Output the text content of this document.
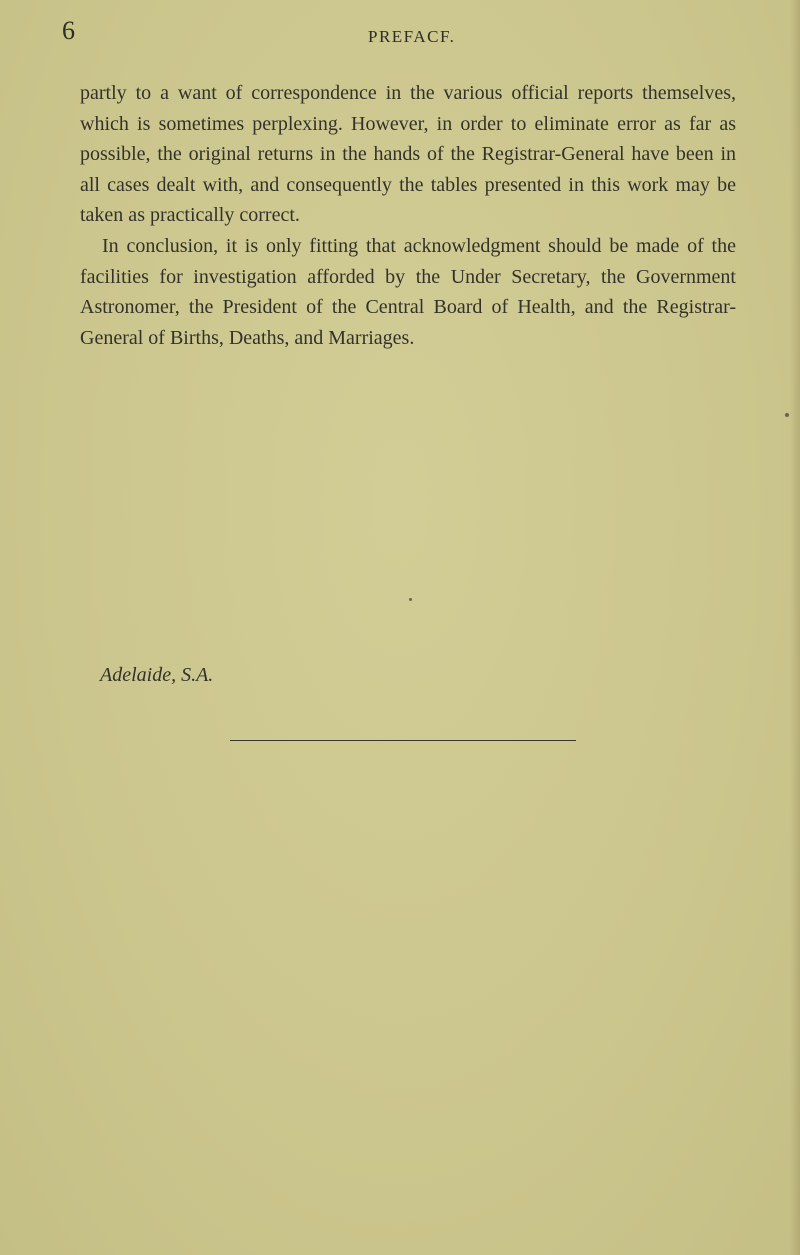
6	PREFACF.

partly to a want of correspondence in the various official reports themselves, which is sometimes perplexing. However, in order to eliminate error as far as possible, the original returns in the hands of the Registrar-General have been in all cases dealt with, and consequently the tables presented in this work may be taken as practically correct.

In conclusion, it is only fitting that acknowledgment should be made of the facilities for investigation afforded by the Under Secretary, the Government Astronomer, the President of the Central Board of Health, and the Registrar-General of Births, Deaths, and Marriages.

Adelaide, S.A.
